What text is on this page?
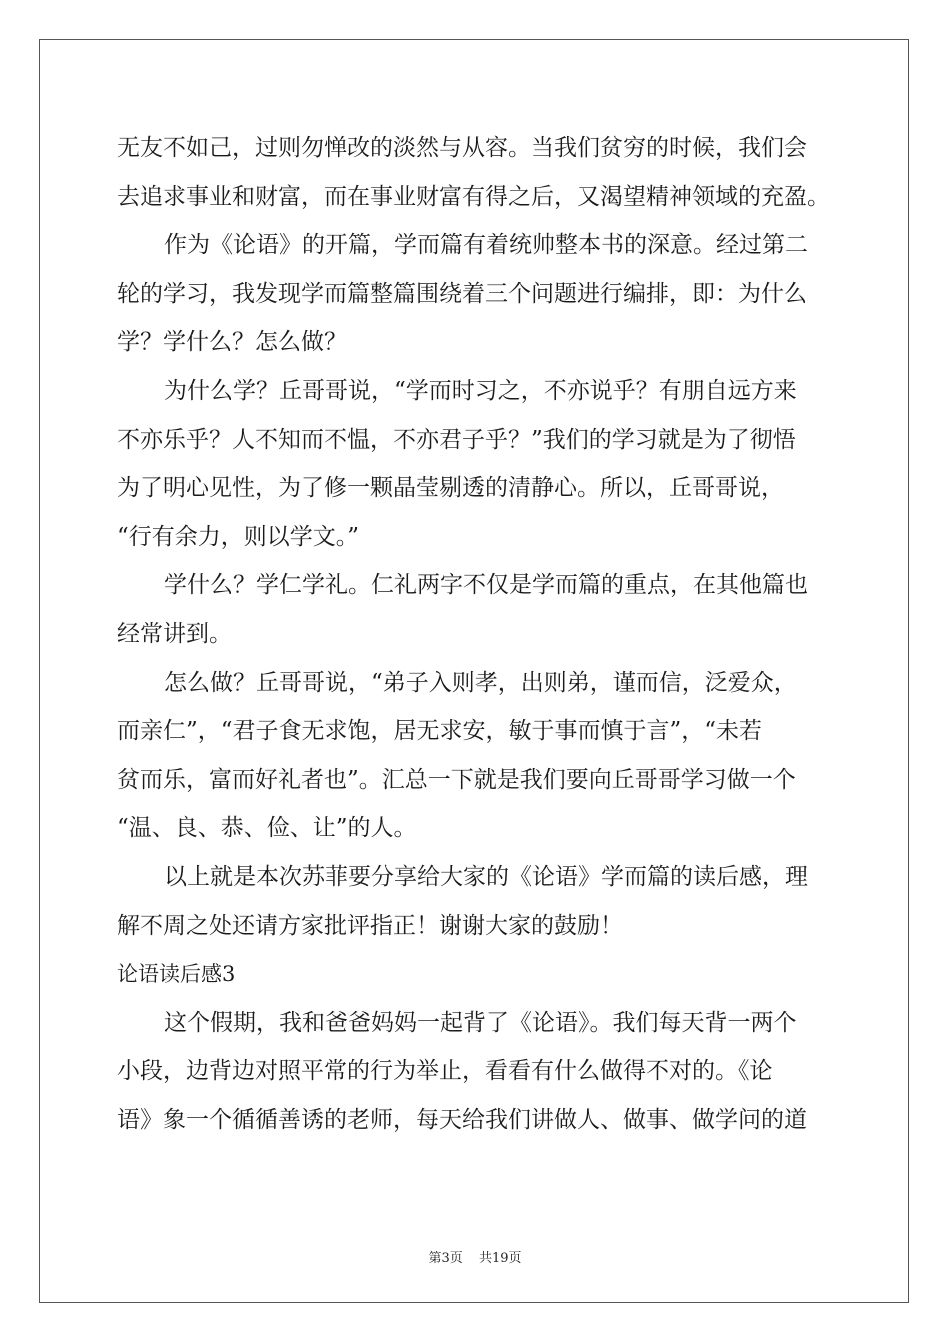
无友不如己，过则勿惮改的淡然与从容。当我们贫穷的时候，我们会
去追求事业和财富，而在事业财富有得之后，又渴望精神领域的充盈。
作为《论语》的开篇，学而篇有着统帅整本书的深意。经过第二
轮的学习，我发现学而篇整篇围绕着三个问题进行编排，即：为什么
学？学什么？怎么做？
为什么学？丘哥哥说，“学而时习之，不亦说乎？有朋自远方来
不亦乐乎？人不知而不愠，不亦君子乎？”我们的学习就是为了彻悟
为了明心见性，为了修一颗晶莹剔透的清静心。所以，丘哥哥说，
“行有余力，则以学文。”
学什么？学仁学礼。仁礼两字不仅是学而篇的重点，在其他篇也
经常讲到。
怎么做？丘哥哥说，“弟子入则孝，出则弟，谨而信，泛爱众，
而亲仁”，“君子食无求饱，居无求安，敏于事而慎于言”，“未若
贫而乐，富而好礼者也”。汇总一下就是我们要向丘哥哥学习做一个
“温、良、恭、俭、让”的人。
以上就是本次苏菲要分享给大家的《论语》学而篇的读后感，理
解不周之处还请方家批评指正！谢谢大家的鼓励！
论语读后感3
这个假期，我和爸爸妈妈一起背了《论语》。我们每天背一两个
小段，边背边对照平常的行为举止，看看有什么做得不对的。《论
语》象一个循循善诱的老师，每天给我们讲做人、做事、做学问的道
第3页 共19页
